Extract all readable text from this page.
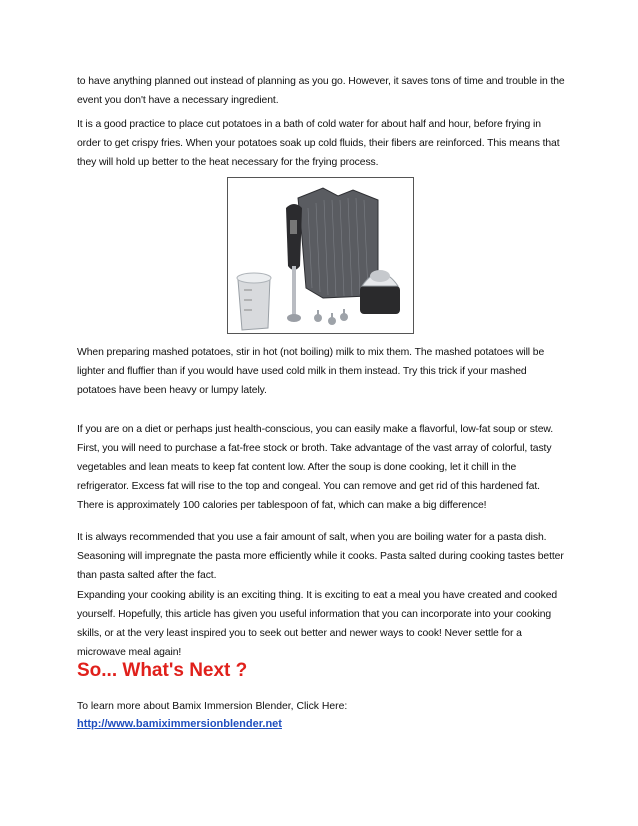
to have anything planned out instead of planning as you go. However, it saves tons of time and trouble in the event you don't have a necessary ingredient.

It is a good practice to place cut potatoes in a bath of cold water for about half and hour, before frying in order to get crispy fries. When your potatoes soak up cold fluids, their fibers are reinforced. This means that they will hold up better to the heat necessary for the frying process.

When preparing mashed potatoes, stir in hot (not boiling) milk to mix them. The mashed potatoes will be lighter and fluffier than if you would have used cold milk in them instead. Try this trick if your mashed potatoes have been heavy or lumpy lately.

If you are on a diet or perhaps just health-conscious, you can easily make a flavorful, low-fat soup or stew. First, you will need to purchase a fat-free stock or broth. Take advantage of the vast array of colorful, tasty vegetables and lean meats to keep fat content low. After the soup is done cooking, let it chill in the refrigerator. Excess fat will rise to the top and congeal. You can remove and get rid of this hardened fat. There is approximately 100 calories per tablespoon of fat, which can make a big difference!

It is always recommended that you use a fair amount of salt, when you are boiling water for a pasta dish. Seasoning will impregnate the pasta more efficiently while it cooks. Pasta salted during cooking tastes better than pasta salted after the fact.

Expanding your cooking ability is an exciting thing. It is exciting to eat a meal you have created and cooked yourself. Hopefully, this article has given you useful information that you can incorporate into your cooking skills, or at the very least inspired you to seek out better and newer ways to cook! Never settle for a microwave meal again!

So... What's Next ?

To learn more about Bamix Immersion Blender, Click Here:

http://www.bamiximmersionblender.net
